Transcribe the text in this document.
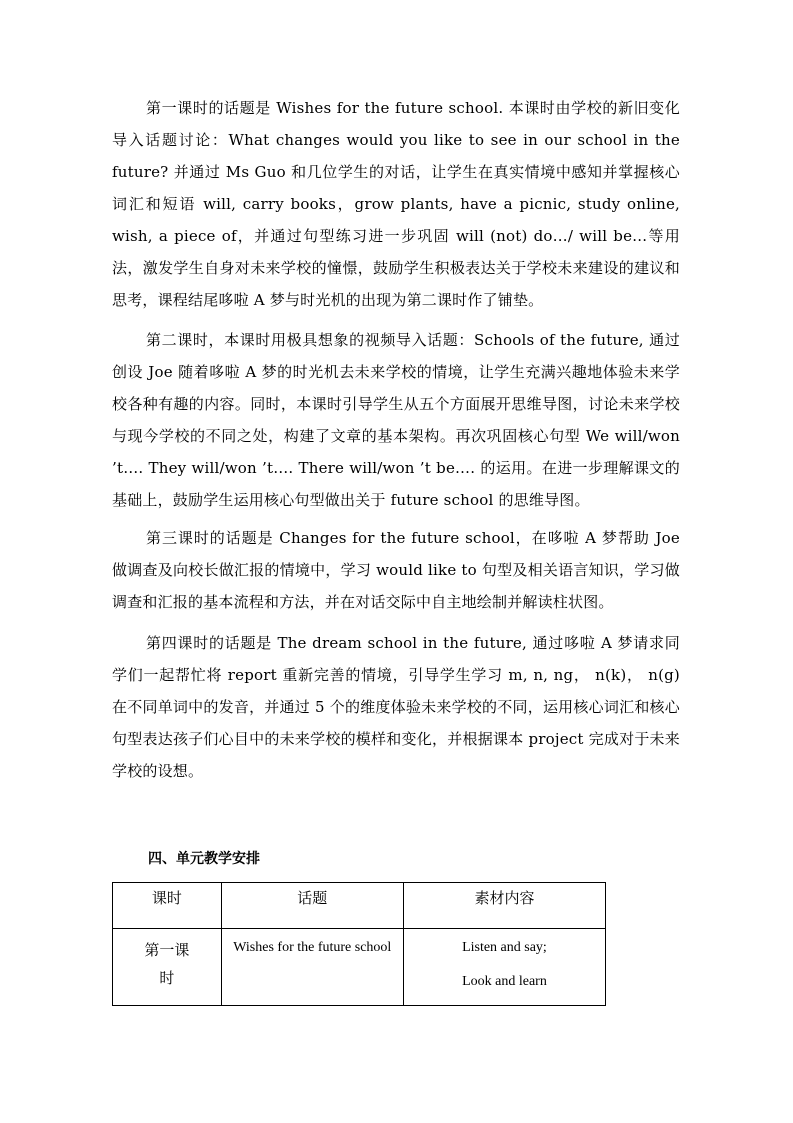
第一课时的话题是 Wishes for the future school. 本课时由学校的新旧变化导入话题讨论：What changes would you like to see in our school in the future? 并通过 Ms Guo 和几位学生的对话，让学生在真实情境中感知并掌握核心词汇和短语 will, carry books，grow plants, have a picnic, study online, wish, a piece of，并通过句型练习进一步巩固 will (not) do…/ will be…等用法，激发学生自身对未来学校的憧憬，鼓励学生积极表达关于学校未来建设的建议和思考，课程结尾哆啦 A 梦与时光机的出现为第二课时作了铺垫。

第二课时，本课时用极具想象的视频导入话题：Schools of the future, 通过创设 Joe 随着哆啦 A 梦的时光机去未来学校的情境，让学生充满兴趣地体验未来学校各种有趣的内容。同时，本课时引导学生从五个方面展开思维导图，讨论未来学校与现今学校的不同之处，构建了文章的基本架构。再次巩固核心句型 We will/won ’t…. They will/won ’t…. There will/won ’t be…. 的运用。在进一步理解课文的基础上，鼓励学生运用核心句型做出关于 future school 的思维导图。

第三课时的话题是 Changes for the future school，在哆啦 A 梦帮助 Joe 做调查及向校长做汇报的情境中，学习 would like to 句型及相关语言知识，学习做调查和汇报的基本流程和方法，并在对话交际中自主地绘制并解读柱状图。

第四课时的话题是 The dream school in the future, 通过哆啦 A 梦请求同学们一起帮忙将 report 重新完善的情境，引导学生学习 m, n, ng， n(k)， n(g) 在不同单词中的发音，并通过 5 个的维度体验未来学校的不同，运用核心词汇和核心句型表达孩子们心目中的未来学校的模样和变化，并根据课本 project 完成对于未来学校的设想。

四、单元教学安排
课时	话题	素材内容
第一课时	Wishes for the future school	Listen and say;
Look and learn
